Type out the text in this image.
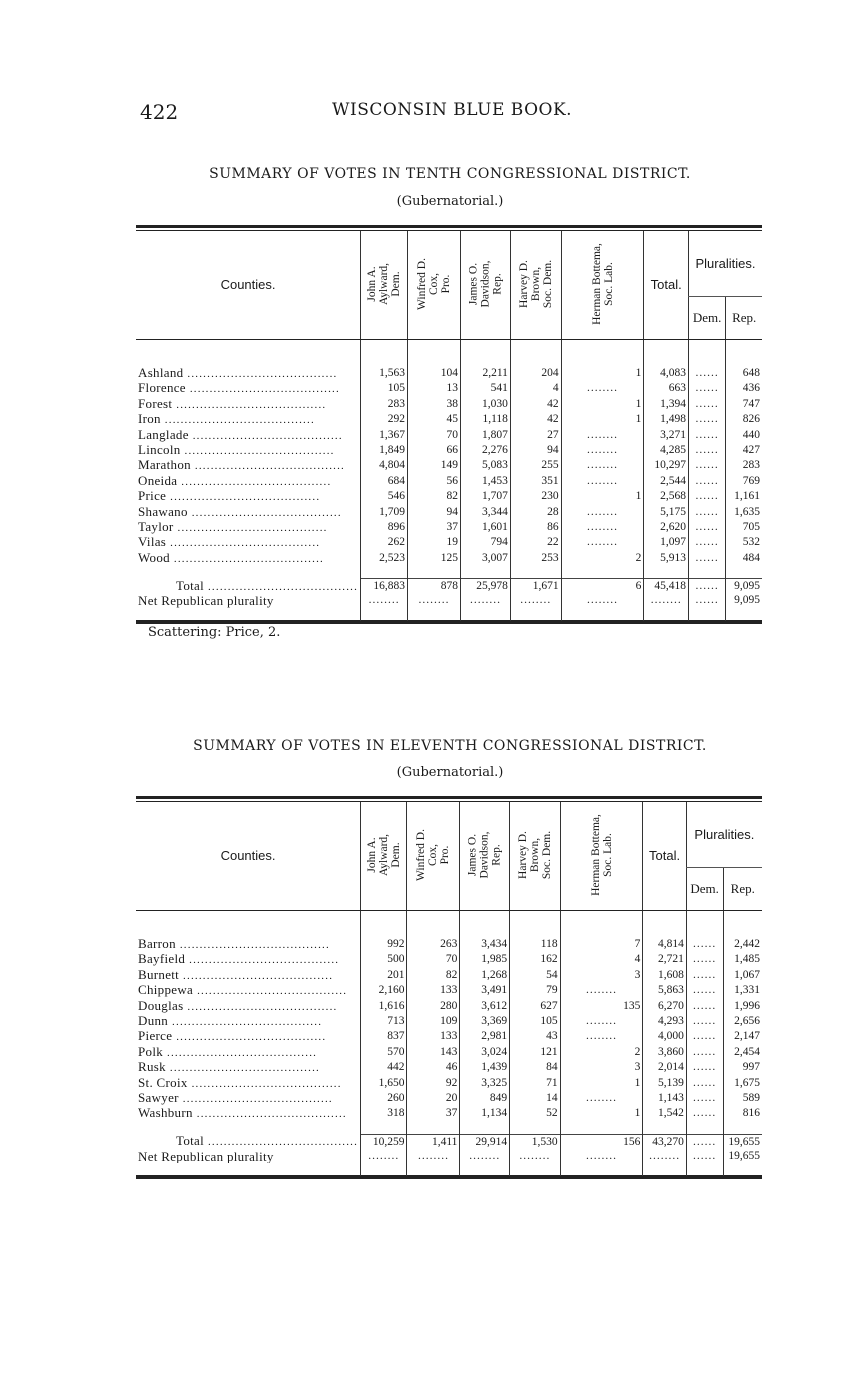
422	WISCONSIN BLUE BOOK.
SUMMARY OF VOTES IN TENTH CONGRESSIONAL DISTRICT.
(Gubernatorial.)

Counties.	John A.
Aylward,
Dem.	Winfred D.
Cox,
Pro.	James O.
Davidson,
Rep.	Harvey D.
Brown,
Soc. Dem.	Herman Bottema,
Soc. Lab.	Total.	Pluralities.	
							Dem.	Rep.

Ashland .....	1,563	104	2,211	204	1	4,083	......	648
Florence .....	105	13	541	4	........	663	......	436
Forest .....	283	38	1,030	42	1	1,394	......	747
Iron .....	292	45	1,118	42	1	1,498	......	826
Langlade .....	1,367	70	1,807	27	........	3,271	......	440
Lincoln .....	1,849	66	2,276	94	........	4,285	......	427
Marathon .....	4,804	149	5,083	255	........	10,297	......	283
Oneida .....	684	56	1,453	351	........	2,544	......	769
Price .....	546	82	1,707	230	1	2,568	......	1,161
Shawano .....	1,709	94	3,344	28	........	5,175	......	1,635
Taylor .....	896	37	1,601	86	........	2,620	......	705
Vilas .....	262	19	794	22	........	1,097	......	532
Wood .....	2,523	125	3,007	253	2	5,913	......	484

Total .....	16,883	878	25,978	1,671	6	45,418	......	9,095
Net Republican plurality	........	........	........	........	........	........	......	9,095

Scattering: Price, 2.
SUMMARY OF VOTES IN ELEVENTH CONGRESSIONAL DISTRICT.
(Gubernatorial.)

Counties.	John A.
Aylward,
Dem.	Winfred D.
Cox,
Pro.	James O.
Davidson,
Rep.	Harvey D.
Brown,
Soc. Dem.	Herman Bottema,
Soc. Lab.	Total.	Pluralities.	
							Dem.	Rep.

Barron .....	992	263	3,434	118	7	4,814	......	2,442
Bayfield .....	500	70	1,985	162	4	2,721	......	1,485
Burnett .....	201	82	1,268	54	3	1,608	......	1,067
Chippewa .....	2,160	133	3,491	79	........	5,863	......	1,331
Douglas .....	1,616	280	3,612	627	135	6,270	......	1,996
Dunn .....	713	109	3,369	105	........	4,293	......	2,656
Pierce .....	837	133	2,981	43	........	4,000	......	2,147
Polk .....	570	143	3,024	121	2	3,860	......	2,454
Rusk .....	442	46	1,439	84	3	2,014	......	997
St. Croix .....	1,650	92	3,325	71	1	5,139	......	1,675
Sawyer .....	260	20	849	14	........	1,143	......	589
Washburn .....	318	37	1,134	52	1	1,542	......	816

Total .....	10,259	1,411	29,914	1,530	156	43,270	......	19,655
Net Republican plurality	........	........	........	........	........	........	......	19,655
